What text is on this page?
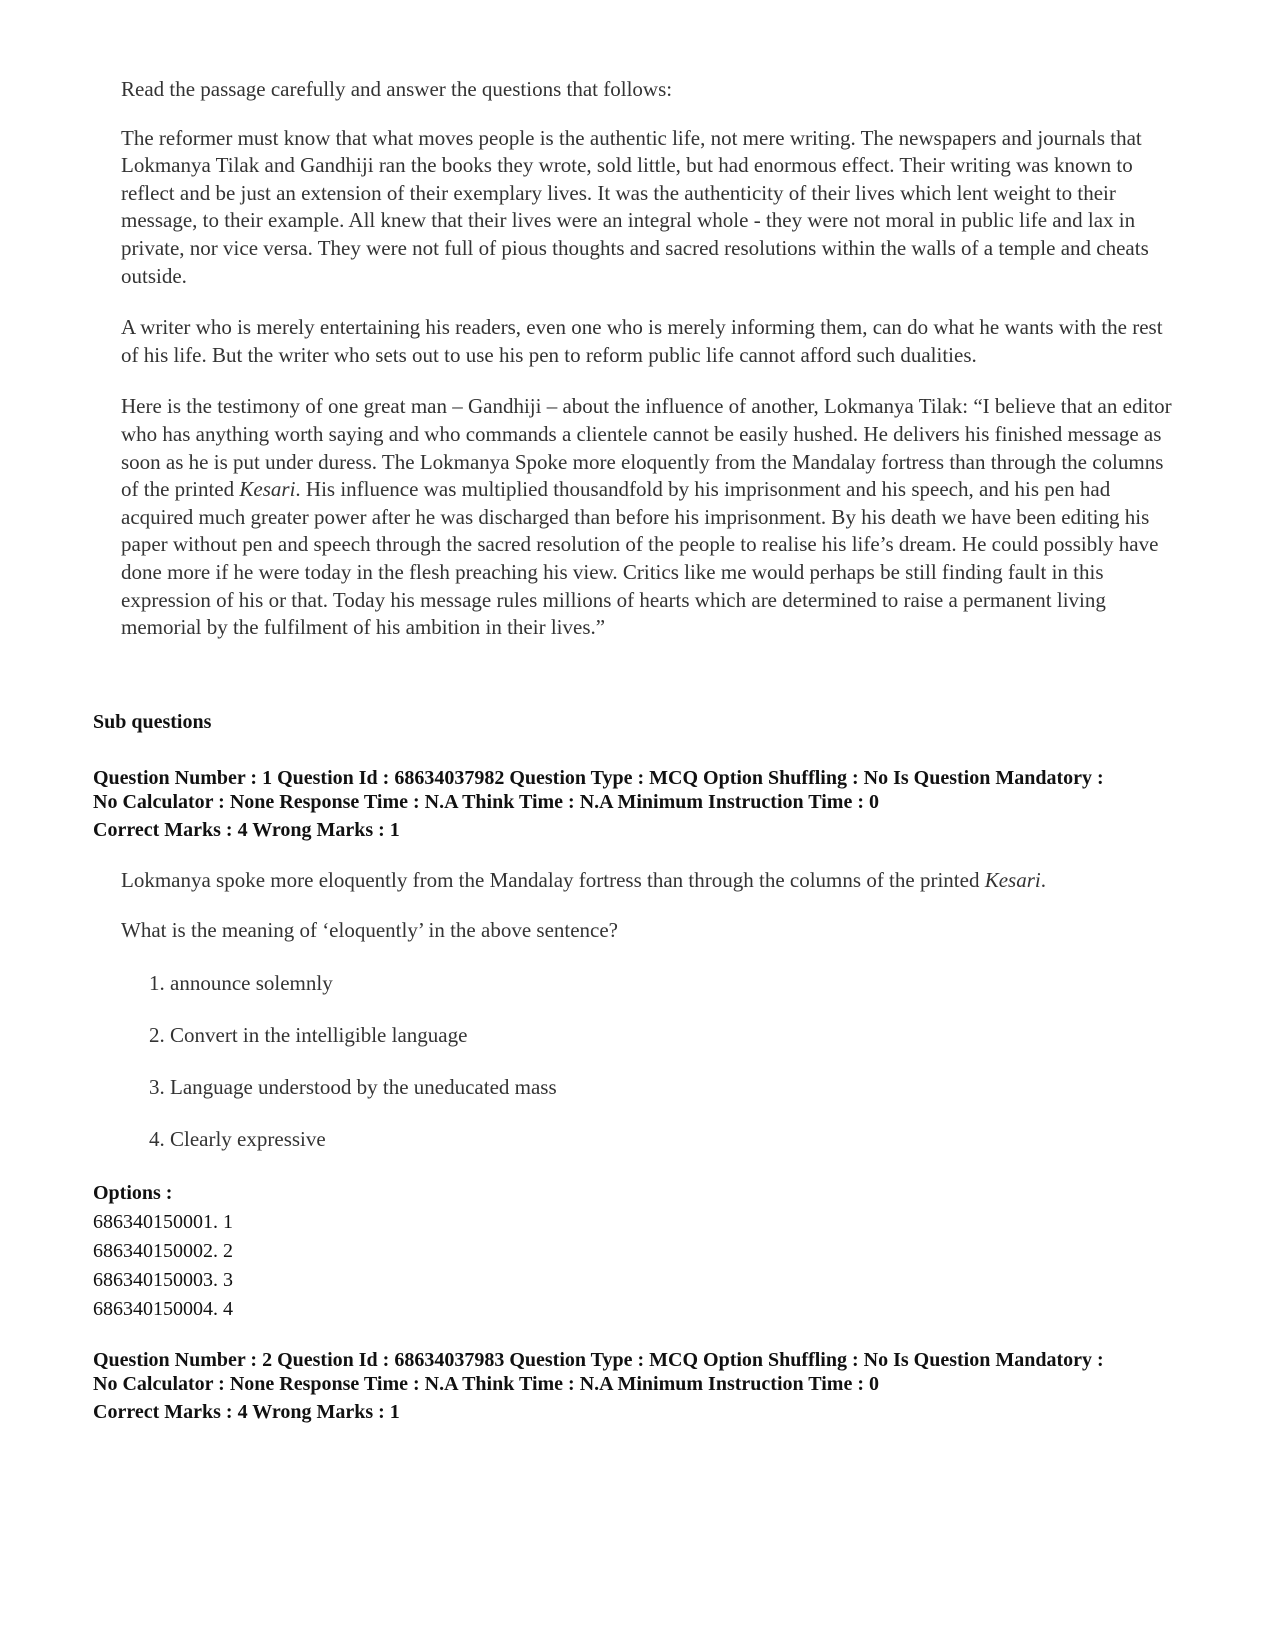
Read the passage carefully and answer the questions that follows:

The reformer must know that what moves people is the authentic life, not mere writing. The newspapers and journals that Lokmanya Tilak and Gandhiji ran the books they wrote, sold little, but had enormous effect. Their writing was known to reflect and be just an extension of their exemplary lives. It was the authenticity of their lives which lent weight to their message, to their example. All knew that their lives were an integral whole - they were not moral in public life and lax in private, nor vice versa. They were not full of pious thoughts and sacred resolutions within the walls of a temple and cheats outside.

A writer who is merely entertaining his readers, even one who is merely informing them, can do what he wants with the rest of his life. But the writer who sets out to use his pen to reform public life cannot afford such dualities.

Here is the testimony of one great man – Gandhiji – about the influence of another, Lokmanya Tilak: “I believe that an editor who has anything worth saying and who commands a clientele cannot be easily hushed. He delivers his finished message as soon as he is put under duress. The Lokmanya Spoke more eloquently from the Mandalay fortress than through the columns of the printed Kesari. His influence was multiplied thousandfold by his imprisonment and his speech, and his pen had acquired much greater power after he was discharged than before his imprisonment. By his death we have been editing his paper without pen and speech through the sacred resolution of the people to realise his life’s dream. He could possibly have done more if he were today in the flesh preaching his view. Critics like me would perhaps be still finding fault in this expression of his or that. Today his message rules millions of hearts which are determined to raise a permanent living memorial by the fulfilment of his ambition in their lives.”

Sub questions

Question Number : 1 Question Id : 68634037982 Question Type : MCQ Option Shuffling : No Is Question Mandatory :

No Calculator : None Response Time : N.A Think Time : N.A Minimum Instruction Time : 0

Correct Marks : 4 Wrong Marks : 1

Lokmanya spoke more eloquently from the Mandalay fortress than through the columns of the printed Kesari.

What is the meaning of ‘eloquently’ in the above sentence?
1. announce solemnly
2. Convert in the intelligible language
3. Language understood by the uneducated mass
4. Clearly expressive
Options :
686340150001. 1
686340150002. 2
686340150003. 3
686340150004. 4

Question Number : 2 Question Id : 68634037983 Question Type : MCQ Option Shuffling : No Is Question Mandatory :

No Calculator : None Response Time : N.A Think Time : N.A Minimum Instruction Time : 0

Correct Marks : 4 Wrong Marks : 1
